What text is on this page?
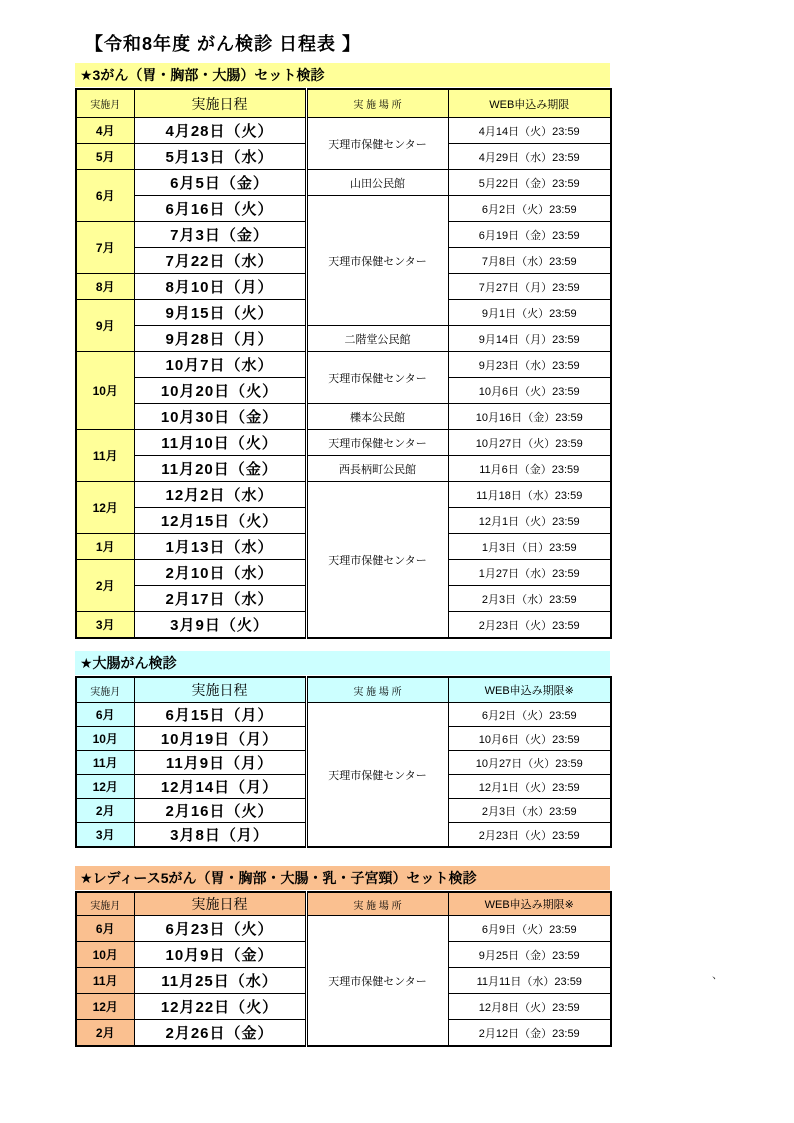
【令和8年度 がん検診 日程表 】
★3がん（胃・胸部・大腸）セット検診
実施月	実施日程	実 施 場 所	WEB申込み期限
4月	4月28日（火）	天理市保健センター	4月14日（火）23:59
5月	5月13日（水）		4月29日（水）23:59
6月	6月5日（金）	山田公民館	5月22日（金）23:59
	6月16日（火）	天理市保健センター	6月2日（火）23:59
7月	7月3日（金）		6月19日（金）23:59
	7月22日（水）		7月8日（水）23:59
8月	8月10日（月）		7月27日（月）23:59
9月	9月15日（火）		9月1日（火）23:59
	9月28日（月）	二階堂公民館	9月14日（月）23:59
10月	10月7日（水）	天理市保健センター	9月23日（水）23:59
	10月20日（火）		10月6日（火）23:59
	10月30日（金）	櫟本公民館	10月16日（金）23:59
11月	11月10日（火）	天理市保健センター	10月27日（火）23:59
	11月20日（金）	西長柄町公民館	11月6日（金）23:59
12月	12月2日（水）	天理市保健センター	11月18日（水）23:59
	12月15日（火）		12月1日（火）23:59
1月	1月13日（水）		1月3日（日）23:59
2月	2月10日（水）		1月27日（水）23:59
	2月17日（水）		2月3日（水）23:59
3月	3月9日（火）		2月23日（火）23:59
★大腸がん検診
実施月	実施日程	実 施 場 所	WEB申込み期限※
6月	6月15日（月）	天理市保健センター	6月2日（火）23:59
10月	10月19日（月）		10月6日（火）23:59
11月	11月9日（月）		10月27日（火）23:59
12月	12月14日（月）		12月1日（火）23:59
2月	2月16日（火）		2月3日（水）23:59
3月	3月8日（月）		2月23日（火）23:59
★レディース5がん（胃・胸部・大腸・乳・子宮頸）セット検診
実施月	実施日程	実 施 場 所	WEB申込み期限※
6月	6月23日（火）	天理市保健センター	6月9日（火）23:59
10月	10月9日（金）		9月25日（金）23:59
11月	11月25日（水）		11月11日（水）23:59
12月	12月22日（火）		12月8日（火）23:59
2月	2月26日（金）		2月12日（金）23:59
、
